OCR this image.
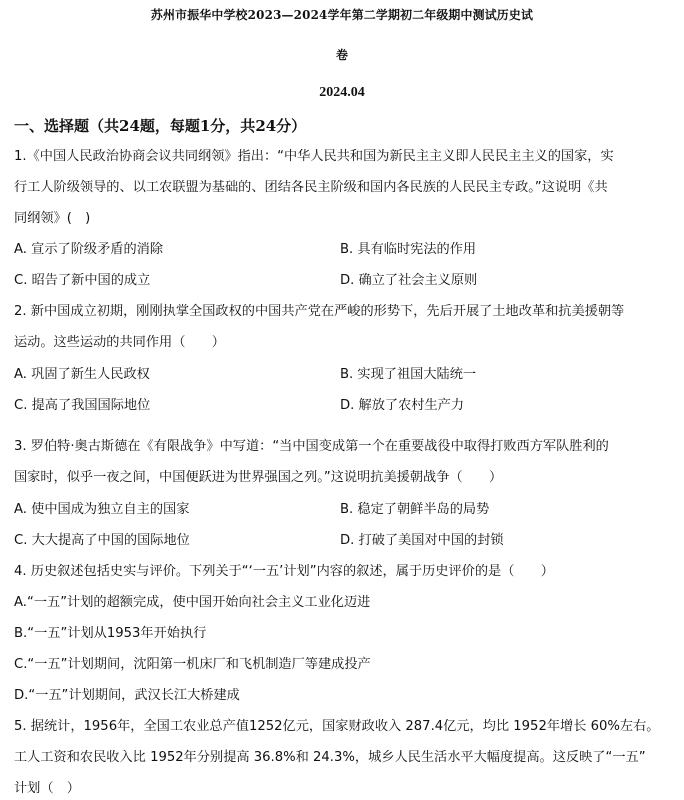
苏州市振华中学校2023—2024学年第二学期初二年级期中测试历史试
卷
2024.04
一、选择题（共24题，每题1分，共24分）
1.《中国人民政治协商会议共同纲领》指出：“中华人民共和国为新民主主义即人民民主主义的国家，实
行工人阶级领导的、以工农联盟为基础的、团结各民主阶级和国内各民族的人民民主专政。”这说明《共
同纲领》(　)
A. 宣示了阶级矛盾的消除	B. 具有临时宪法的作用
C. 昭告了新中国的成立	D. 确立了社会主义原则
2. 新中国成立初期，刚刚执掌全国政权的中国共产党在严峻的形势下，先后开展了土地改革和抗美援朝等
运动。这些运动的共同作用（　　）
A. 巩固了新生人民政权	B. 实现了祖国大陆统一
C. 提高了我国国际地位	D. 解放了农村生产力
3. 罗伯特·奥古斯德在《有限战争》中写道：“当中国变成第一个在重要战役中取得打败西方军队胜利的
国家时，似乎一夜之间，中国便跃进为世界强国之列。”这说明抗美援朝战争（　　）
A. 使中国成为独立自主的国家	B. 稳定了朝鲜半岛的局势
C. 大大提高了中国的国际地位	D. 打破了美国对中国的封锁
4. 历史叙述包括史实与评价。下列关于“‘一五’计划”内容的叙述，属于历史评价的是（　　）
A.“一五”计划的超额完成，使中国开始向社会主义工业化迈进
B.“一五”计划从1953年开始执行
C.“一五”计划期间，沈阳第一机床厂和飞机制造厂等建成投产
D.“一五”计划期间，武汉长江大桥建成
5. 据统计，1956年，全国工农业总产值1252亿元，国家财政收入 287.4亿元，均比 1952年增长 60%左右。
工人工资和农民收入比 1952年分别提高 36.8%和 24.3%，城乡人民生活水平大幅度提高。这反映了“一五”
计划（　）
